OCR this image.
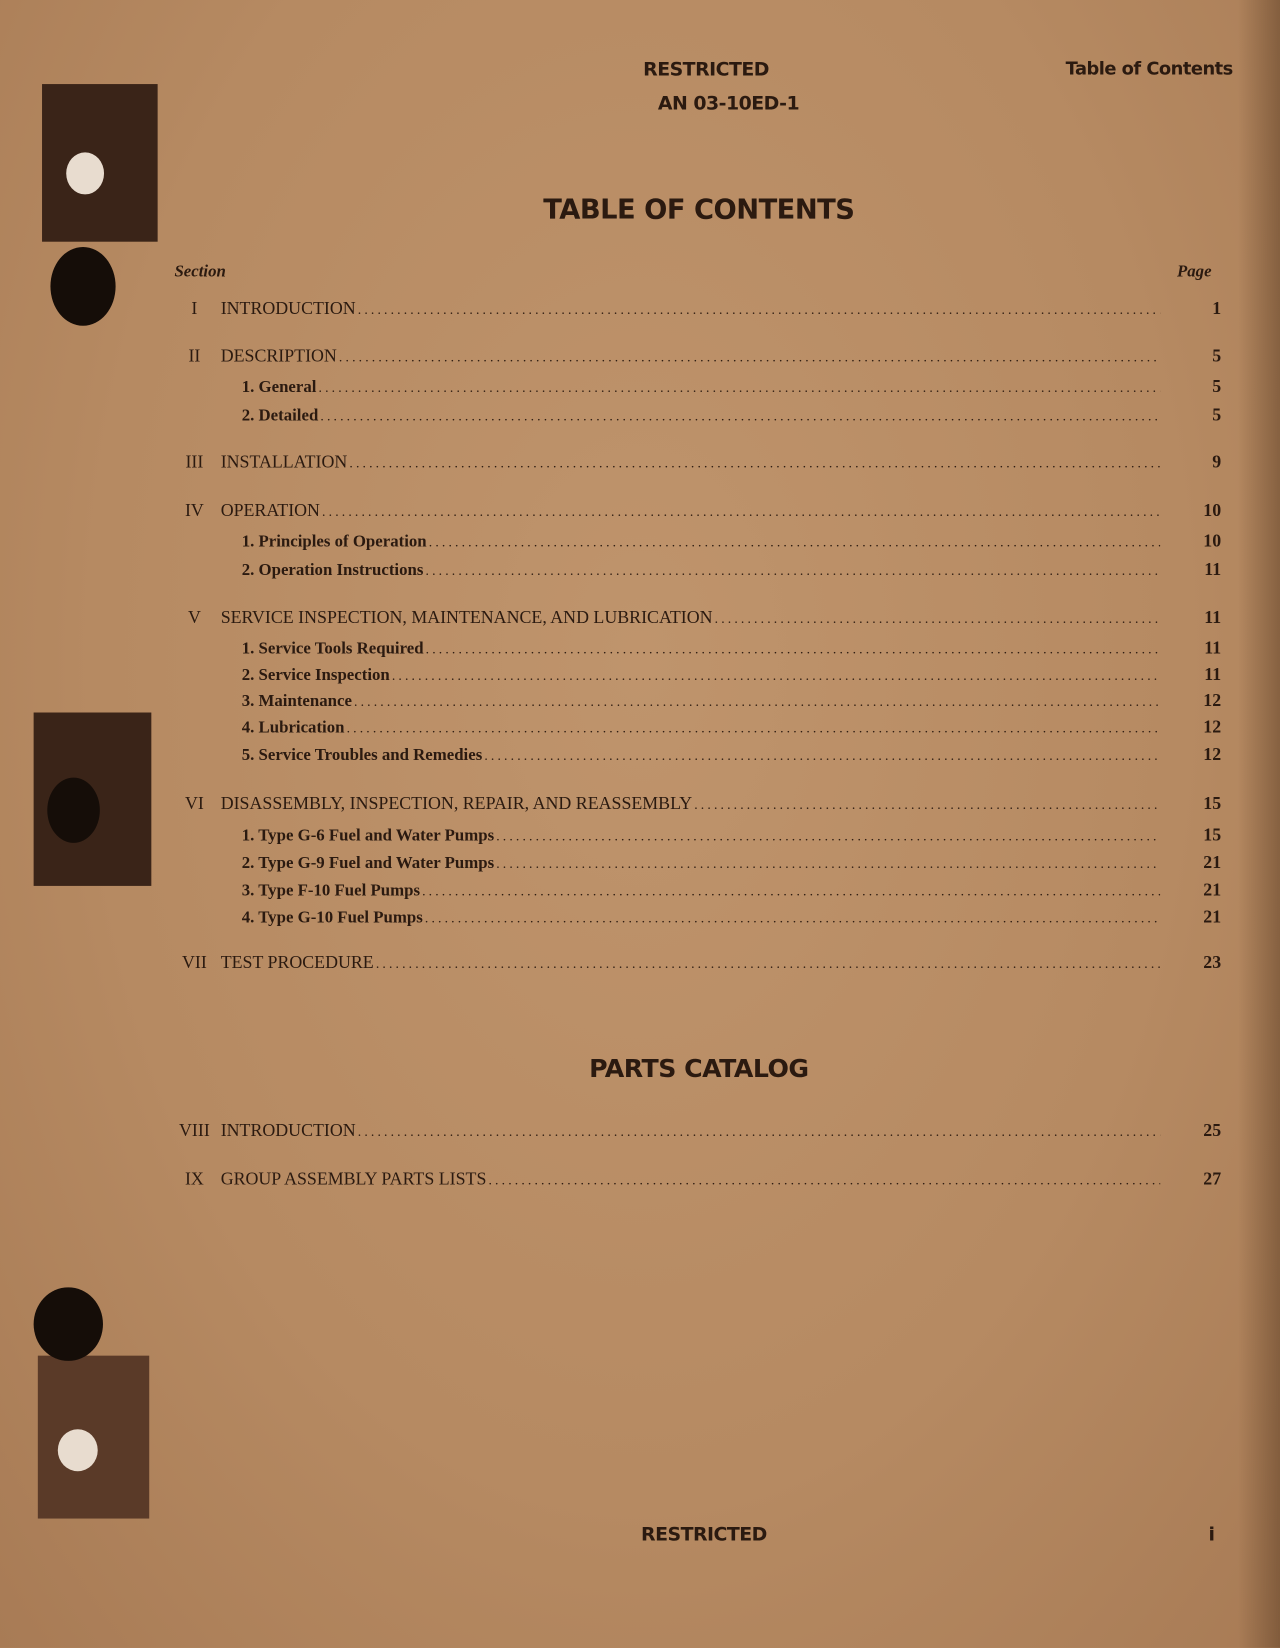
RESTRICTED
AN 03-10ED-1
Table of Contents
TABLE OF CONTENTS
Section	Page
I	INTRODUCTION .....	1
II	DESCRIPTION .....	5
1. General .....	5
2. Detailed .....	5
III	INSTALLATION .....	9
IV OPERATION .....	10
1. Principles of Operation .....	10
2. Operation Instructions .....	11
V	SERVICE INSPECTION, MAINTENANCE, AND LUBRICATION .....	11
1. Service Tools Required .....	11
2. Service Inspection .....	11
3. Maintenance .....	12
4. Lubrication .....	12
5. Service Troubles and Remedies .....	12
VI DISASSEMBLY, INSPECTION, REPAIR, AND REASSEMBLY .....	15
1. Type G-6 Fuel and Water Pumps .....	15
2. Type G-9 Fuel and Water Pumps .....	21
3. Type F-10 Fuel Pumps .....	21
4. Type G-10 Fuel Pumps .....	21
VII TEST PROCEDURE .....	23
PARTS CATALOG
VIII INTRODUCTION .....	25
IX GROUP ASSEMBLY PARTS LISTS .....	27
RESTRICTED	i
